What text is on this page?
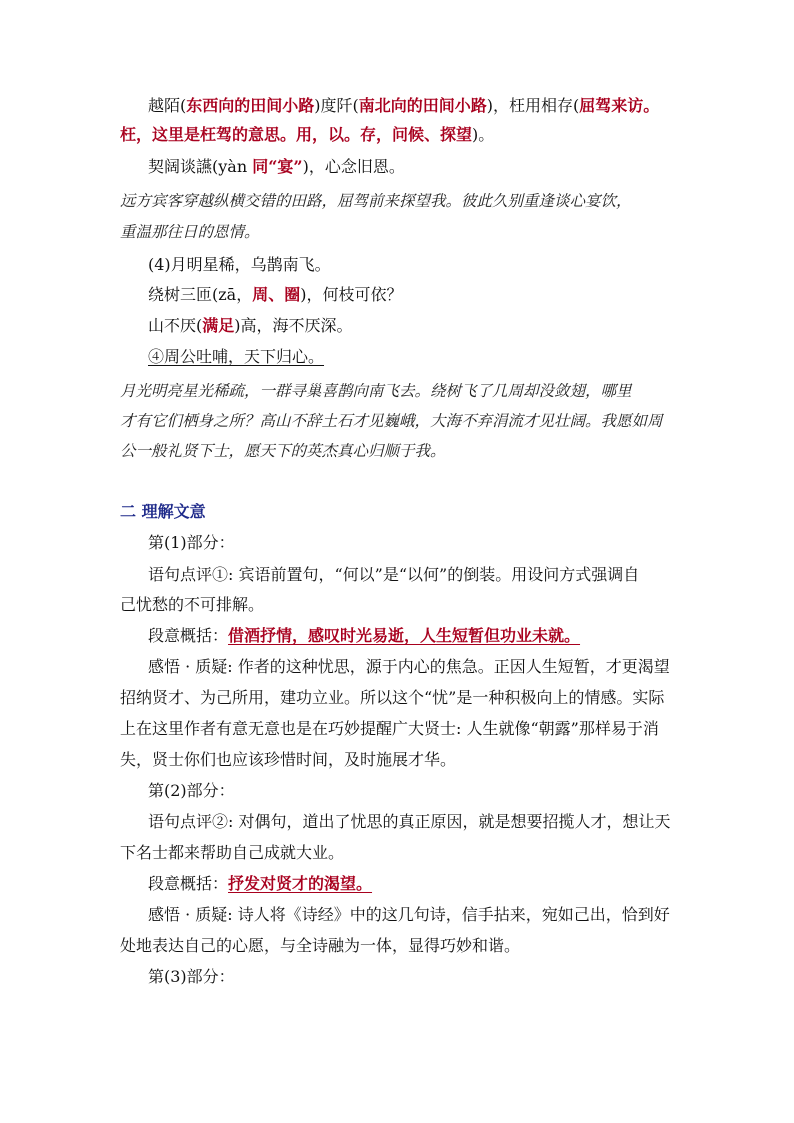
越陌(东西向的田间小路)度阡(南北向的田间小路)，枉用相存(屈驾来访。
枉，这里是枉驾的意思。用，以。存，问候、探望)。
契阔谈讌(yàn 同“宴”)，心念旧恩。
远方宾客穿越纵横交错的田路，屈驾前来探望我。彼此久别重逢谈心宴饮，
重温那往日的恩情。
(4)月明星稀，乌鹊南飞。
绕树三匝(zā，周、圈)，何枝可依？
山不厌(满足)高，海不厌深。
④周公吐哺，天下归心。
月光明亮星光稀疏，一群寻巢喜鹊向南飞去。绕树飞了几周却没敛翅，哪里
才有它们栖身之所？高山不辞土石才见巍峨，大海不弃涓流才见壮阔。我愿如周
公一般礼贤下士，愿天下的英杰真心归顺于我。
二 理解文意
第(1)部分：
语句点评①: 宾语前置句，“何以”是“以何”的倒装。用设问方式强调自
己忧愁的不可排解。
段意概括：借酒抒情，感叹时光易逝，人生短暂但功业未就。
感悟 · 质疑: 作者的这种忧思，源于内心的焦急。正因人生短暂，才更渴望
招纳贤才、为己所用，建功立业。所以这个“忧”是一种积极向上的情感。实际
上在这里作者有意无意也是在巧妙提醒广大贤士: 人生就像“朝露”那样易于消
失，贤士你们也应该珍惜时间，及时施展才华。
第(2)部分：
语句点评②: 对偶句，道出了忧思的真正原因，就是想要招揽人才，想让天
下名士都来帮助自己成就大业。
段意概括：抒发对贤才的渴望。
感悟 · 质疑: 诗人将《诗经》中的这几句诗，信手拈来，宛如己出，恰到好
处地表达自己的心愿，与全诗融为一体，显得巧妙和谐。
第(3)部分：
